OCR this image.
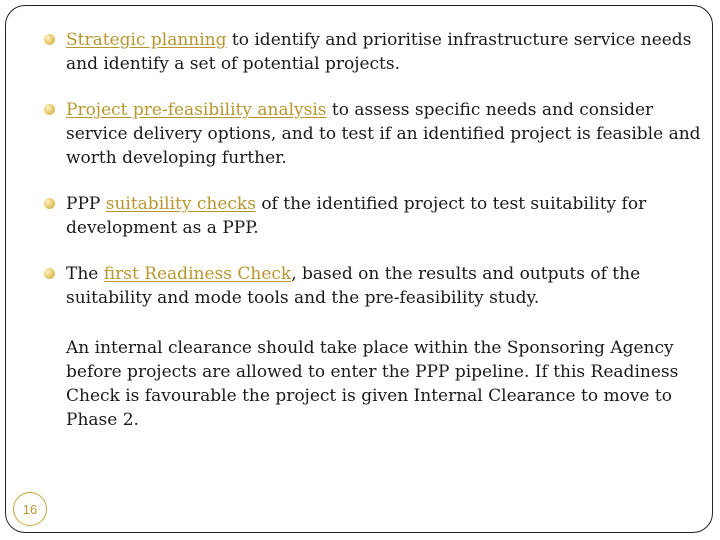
Strategic planning to identify and prioritise infrastructure service needs and identify a set of potential projects.
Project pre-feasibility analysis to assess specific needs and consider service delivery options, and to test if an identified project is feasible and worth developing further.
PPP suitability checks of the identified project to test suitability for development as a PPP.
The first Readiness Check, based on the results and outputs of the suitability and mode tools and the pre-feasibility study.
An internal clearance should take place within the Sponsoring Agency before projects are allowed to enter the PPP pipeline. If this Readiness Check is favourable the project is given Internal Clearance to move to Phase 2.
16
